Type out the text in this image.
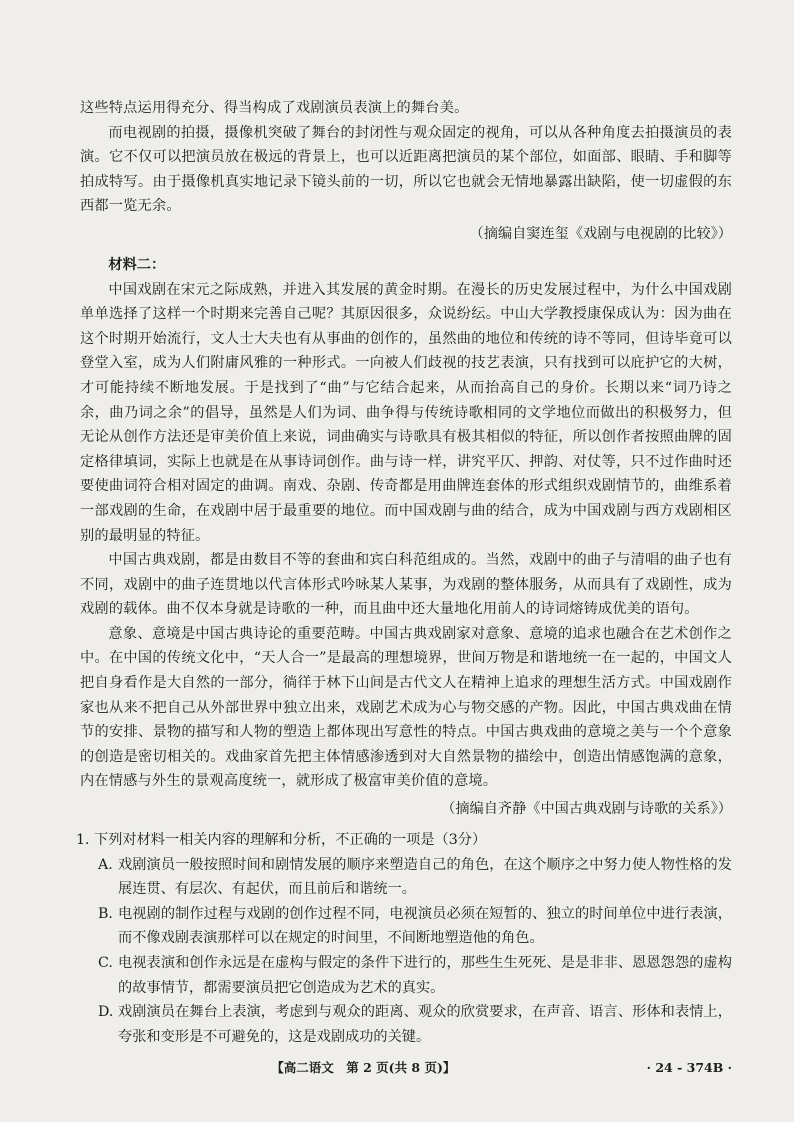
这些特点运用得充分、得当构成了戏剧演员表演上的舞台美。

而电视剧的拍摄，摄像机突破了舞台的封闭性与观众固定的视角，可以从各种角度去拍摄演员的表演。它不仅可以把演员放在极远的背景上，也可以近距离把演员的某个部位，如面部、眼睛、手和脚等拍成特写。由于摄像机真实地记录下镜头前的一切，所以它也就会无情地暴露出缺陷，使一切虚假的东西都一览无余。

（摘编自窦连玺《戏剧与电视剧的比较》）

材料二：

中国戏剧在宋元之际成熟，并进入其发展的黄金时期。在漫长的历史发展过程中，为什么中国戏剧单单选择了这样一个时期来完善自己呢？其原因很多，众说纷纭。中山大学教授康保成认为：因为曲在这个时期开始流行，文人士大夫也有从事曲的创作的，虽然曲的地位和传统的诗不等同，但诗毕竟可以登堂入室，成为人们附庸风雅的一种形式。一向被人们歧视的技艺表演，只有找到可以庇护它的大树，才可能持续不断地发展。于是找到了“曲”与它结合起来，从而抬高自己的身价。长期以来“词乃诗之余，曲乃词之余”的倡导，虽然是人们为词、曲争得与传统诗歌相同的文学地位而做出的积极努力，但无论从创作方法还是审美价值上来说，词曲确实与诗歌具有极其相似的特征，所以创作者按照曲牌的固定格律填词，实际上也就是在从事诗词创作。曲与诗一样，讲究平仄、押韵、对仗等，只不过作曲时还要使曲词符合相对固定的曲调。南戏、杂剧、传奇都是用曲牌连套体的形式组织戏剧情节的，曲维系着一部戏剧的生命，在戏剧中居于最重要的地位。而中国戏剧与曲的结合，成为中国戏剧与西方戏剧相区别的最明显的特征。

中国古典戏剧，都是由数目不等的套曲和宾白科范组成的。当然，戏剧中的曲子与清唱的曲子也有不同，戏剧中的曲子连贯地以代言体形式吟咏某人某事，为戏剧的整体服务，从而具有了戏剧性，成为戏剧的载体。曲不仅本身就是诗歌的一种，而且曲中还大量地化用前人的诗词熔铸成优美的语句。

意象、意境是中国古典诗论的重要范畴。中国古典戏剧家对意象、意境的追求也融合在艺术创作之中。在中国的传统文化中，“天人合一”是最高的理想境界，世间万物是和谐地统一在一起的，中国文人把自身看作是大自然的一部分，徜徉于林下山间是古代文人在精神上追求的理想生活方式。中国戏剧作家也从来不把自己从外部世界中独立出来，戏剧艺术成为心与物交感的产物。因此，中国古典戏曲在情节的安排、景物的描写和人物的塑造上都体现出写意性的特点。中国古典戏曲的意境之美与一个个意象的创造是密切相关的。戏曲家首先把主体情感渗透到对大自然景物的描绘中，创造出情感饱满的意象，内在情感与外生的景观高度统一，就形成了极富审美价值的意境。

（摘编自齐静《中国古典戏剧与诗歌的关系》）

1. 下列对材料一相关内容的理解和分析，不正确的一项是（3分）

A. 戏剧演员一般按照时间和剧情发展的顺序来塑造自己的角色，在这个顺序之中努力使人物性格的发展连贯、有层次、有起伏，而且前后和谐统一。
B. 电视剧的制作过程与戏剧的创作过程不同，电视演员必须在短暂的、独立的时间单位中进行表演，而不像戏剧表演那样可以在规定的时间里，不间断地塑造他的角色。
C. 电视表演和创作永远是在虚构与假定的条件下进行的，那些生生死死、是是非非、恩恩怨怨的虚构的故事情节，都需要演员把它创造成为艺术的真实。
D. 戏剧演员在舞台上表演，考虑到与观众的距离、观众的欣赏要求，在声音、语言、形体和表情上，夸张和变形是不可避免的，这是戏剧成功的关键。
【高二语文　第 2 页(共 8 页)】	· 24 - 374B ·
